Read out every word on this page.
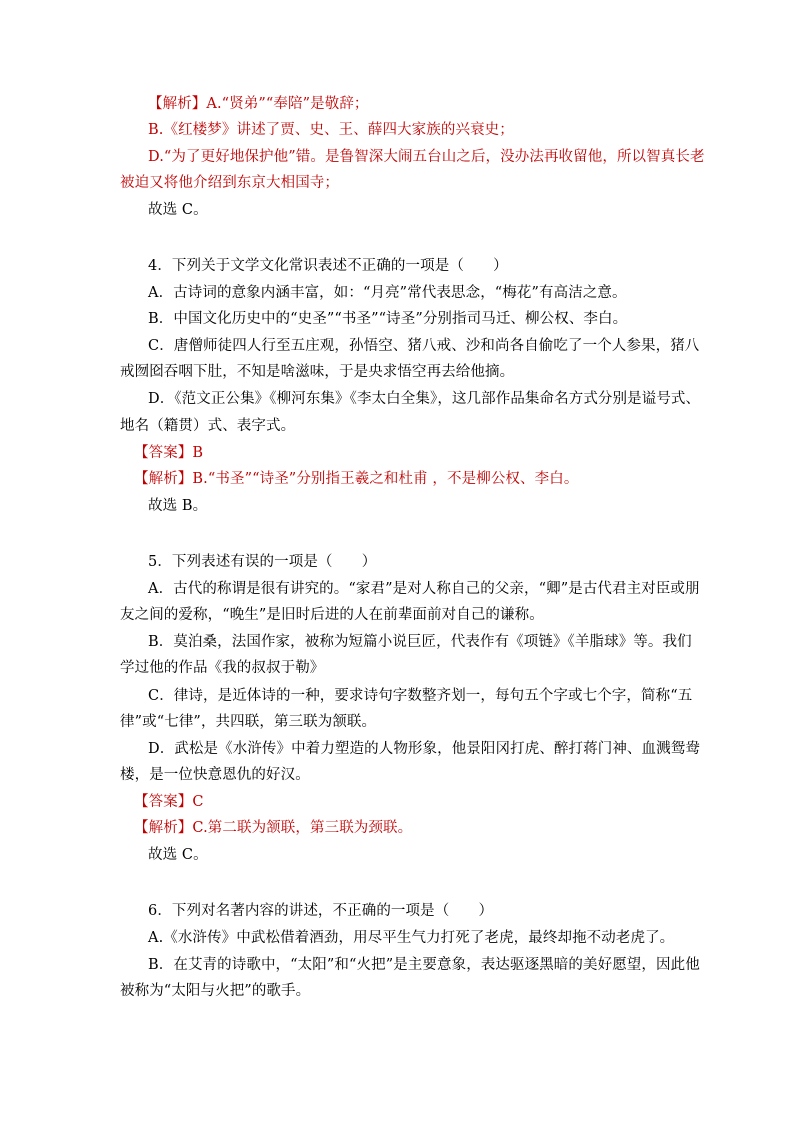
【解析】A.“贤弟”“奉陪”是敬辞；
B.《红楼梦》讲述了贾、史、王、薛四大家族的兴衰史；
D.“为了更好地保护他”错。是鲁智深大闹五台山之后，没办法再收留他，所以智真长老
被迫又将他介绍到东京大相国寺；
故选 C。
4．下列关于文学文化常识表述不正确的一项是（　　）
A．古诗词的意象内涵丰富，如：“月亮”常代表思念，“梅花”有高洁之意。
B．中国文化历史中的“史圣”“书圣”“诗圣”分别指司马迁、柳公权、李白。
C．唐僧师徒四人行至五庄观，孙悟空、猪八戒、沙和尚各自偷吃了一个人参果，猪八
戒囫囵吞咽下肚，不知是啥滋味，于是央求悟空再去给他摘。
D．《范文正公集》《柳河东集》《李太白全集》，这几部作品集命名方式分别是谥号式、
地名（籍贯）式、表字式。
【答案】B
【解析】B.“书圣”“诗圣”分别指王羲之和杜甫 ，不是柳公权、李白。
故选 B。
5．下列表述有误的一项是（　　）
A．古代的称谓是很有讲究的。“家君”是对人称自己的父亲，“卿”是古代君主对臣或朋
友之间的爱称，“晚生”是旧时后进的人在前辈面前对自己的谦称。
B．莫泊桑，法国作家，被称为短篇小说巨匠，代表作有《项链》《羊脂球》等。我们
学过他的作品《我的叔叔于勒》
C．律诗，是近体诗的一种，要求诗句字数整齐划一，每句五个字或七个字，简称“五
律”或“七律”，共四联，第三联为颔联。
D．武松是《水浒传》中着力塑造的人物形象，他景阳冈打虎、醉打蒋门神、血溅鸳鸯
楼，是一位快意恩仇的好汉。
【答案】C
【解析】C.第二联为颔联，第三联为颈联。
故选 C。
6．下列对名著内容的讲述，不正确的一项是（　　）
A.《水浒传》中武松借着酒劲，用尽平生气力打死了老虎，最终却拖不动老虎了。
B．在艾青的诗歌中，“太阳”和“火把”是主要意象，表达驱逐黑暗的美好愿望，因此他
被称为“太阳与火把”的歌手。
